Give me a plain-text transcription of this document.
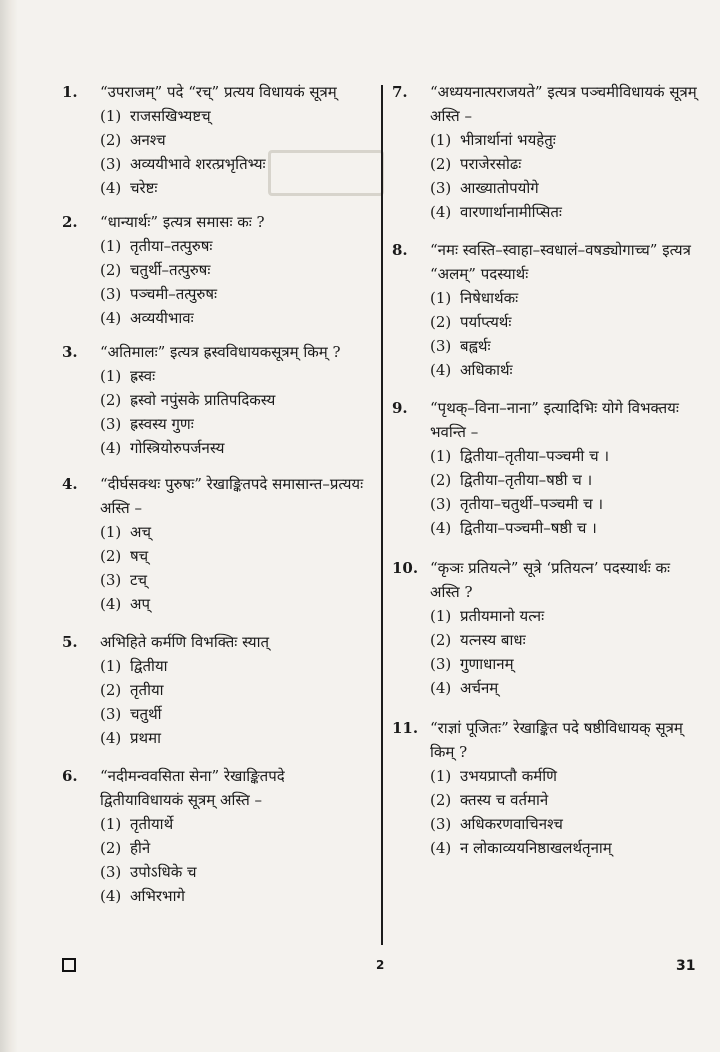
1.	“उपराजम्” पदे “रच्” प्रत्यय विधायकं सूत्रम्
(1) राजसखिभ्यष्टच्
(2) अनश्च
(3) अव्ययीभावे शरत्प्रभृतिभ्यः
(4) चरेष्टः
2.	“धान्यार्थः” इत्यत्र समासः कः ?
(1) तृतीया–तत्पुरुषः
(2) चतुर्थी–तत्पुरुषः
(3) पञ्चमी–तत्पुरुषः
(4) अव्ययीभावः
3.	“अतिमालः” इत्यत्र ह्रस्वविधायकसूत्रम् किम् ?
(1) ह्रस्वः
(2) ह्रस्वो नपुंसके प्रातिपदिकस्य
(3) ह्रस्वस्य गुणः
(4) गोस्त्रियोरुपर्जनस्य
4.	“दीर्घसक्थः पुरुषः” रेखाङ्कितपदे समासान्त–प्रत्ययः अस्ति –
(1) अच्
(2) षच्
(3) टच्
(4) अप्
5.	अभिहिते कर्मणि विभक्तिः स्यात्
(1) द्वितीया
(2) तृतीया
(3) चतुर्थी
(4) प्रथमा
6.	“नदीमन्ववसिता सेना” रेखाङ्कितपदे द्वितीयाविधायकं सूत्रम् अस्ति –
(1) तृतीयार्थे
(2) हीने
(3) उपोऽधिके च
(4) अभिरभागे
7.	“अध्ययनात्पराजयते” इत्यत्र पञ्चमीविधायकं सूत्रम् अस्ति –
(1) भीत्रार्थानां भयहेतुः
(2) पराजेरसोढः
(3) आख्यातोपयोगे
(4) वारणार्थानामीप्सितः
8.	“नमः स्वस्ति–स्वाहा–स्वधालं–वषड्योगाच्च” इत्यत्र “अलम्” पदस्यार्थः
(1) निषेधार्थकः
(2) पर्याप्त्यर्थः
(3) बह्वर्थः
(4) अधिकार्थः
9.	“पृथक्–विना–नाना” इत्यादिभिः योगे विभक्तयः भवन्ति –
(1) द्वितीया–तृतीया–पञ्चमी च ।
(2) द्वितीया–तृतीया–षष्ठी च ।
(3) तृतीया–चतुर्थी–पञ्चमी च ।
(4) द्वितीया–पञ्चमी–षष्ठी च ।
10. “कृञः प्रतियत्ने” सूत्रे ‘प्रतियत्न’ पदस्यार्थः कः अस्ति ?
(1) प्रतीयमानो यत्नः
(2) यत्नस्य बाधः
(3) गुणाधानम्
(4) अर्चनम्
11. “राज्ञां पूजितः” रेखाङ्कित पदे षष्ठीविधायक् सूत्रम् किम् ?
(1) उभयप्राप्तौ कर्मणि
(2) क्तस्य च वर्तमाने
(3) अधिकरणवाचिनश्च
(4) न लोकाव्ययनिष्ठाखलर्थतृनाम्
2	31
